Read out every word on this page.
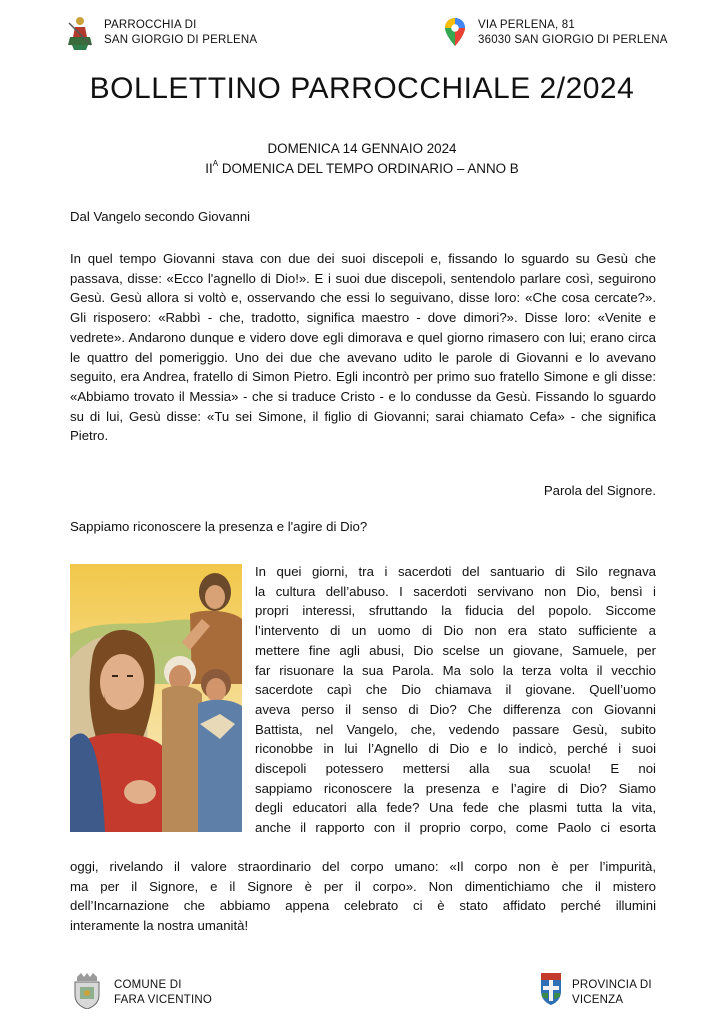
PARROCCHIA DI
SAN GIORGIO DI PERLENA
VIA PERLENA, 81
36030 SAN GIORGIO DI PERLENA
BOLLETTINO PARROCCHIALE 2/2024
DOMENICA 14 GENNAIO 2024
$II^A$ DOMENICA DEL TEMPO ORDINARIO – ANNO B
Dal Vangelo secondo Giovanni
In quel tempo Giovanni stava con due dei suoi discepoli e, fissando lo sguardo su Gesù che passava, disse: «Ecco l'agnello di Dio!». E i suoi due discepoli, sentendolo parlare così, seguirono Gesù. Gesù allora si voltò e, osservando che essi lo seguivano, disse loro: «Che cosa cercate?». Gli risposero: «Rabbì - che, tradotto, significa maestro - dove dimori?». Disse loro: «Venite e vedrete». Andarono dunque e videro dove egli dimorava e quel giorno rimasero con lui; erano circa le quattro del pomeriggio. Uno dei due che avevano udito le parole di Giovanni e lo avevano seguito, era Andrea, fratello di Simon Pietro. Egli incontrò per primo suo fratello Simone e gli disse: «Abbiamo trovato il Messia» - che si traduce Cristo - e lo condusse da Gesù. Fissando lo sguardo su di lui, Gesù disse: «Tu sei Simone, il figlio di Giovanni; sarai chiamato Cefa» - che significa Pietro.
Parola del Signore.
Sappiamo riconoscere la presenza e l'agire di Dio?
In quei giorni, tra i sacerdoti del santuario di Silo regnava
la cultura dell’abuso. I sacerdoti servivano non Dio, bensì i
propri interessi, sfruttando la fiducia del popolo. Siccome
l’intervento di un uomo di Dio non era stato sufficiente a
mettere fine agli abusi, Dio scelse un giovane, Samuele, per
far risuonare la sua Parola. Ma solo la terza volta il vecchio
sacerdote capì che Dio chiamava il giovane. Quell’uomo
aveva perso il senso di Dio? Che differenza con Giovanni
Battista, nel Vangelo, che, vedendo passare Gesù, subito
riconobbe in lui l’Agnello di Dio e lo indicò, perché i suoi
discepoli potessero mettersi alla sua scuola! E noi
sappiamo riconoscere la presenza e l’agire di Dio? Siamo
degli educatori alla fede? Una fede che plasmi tutta la vita,
anche il rapporto con il proprio corpo, come Paolo ci esorta
oggi, rivelando il valore straordinario del corpo umano: «Il corpo non è per l’impurità,
ma per il Signore, e il Signore è per il corpo». Non dimentichiamo che il mistero
dell’Incarnazione che abbiamo appena celebrato ci è stato affidato perché illumini
interamente la nostra umanità!
COMUNE DI
FARA VICENTINO
PROVINCIA DI
VICENZA
